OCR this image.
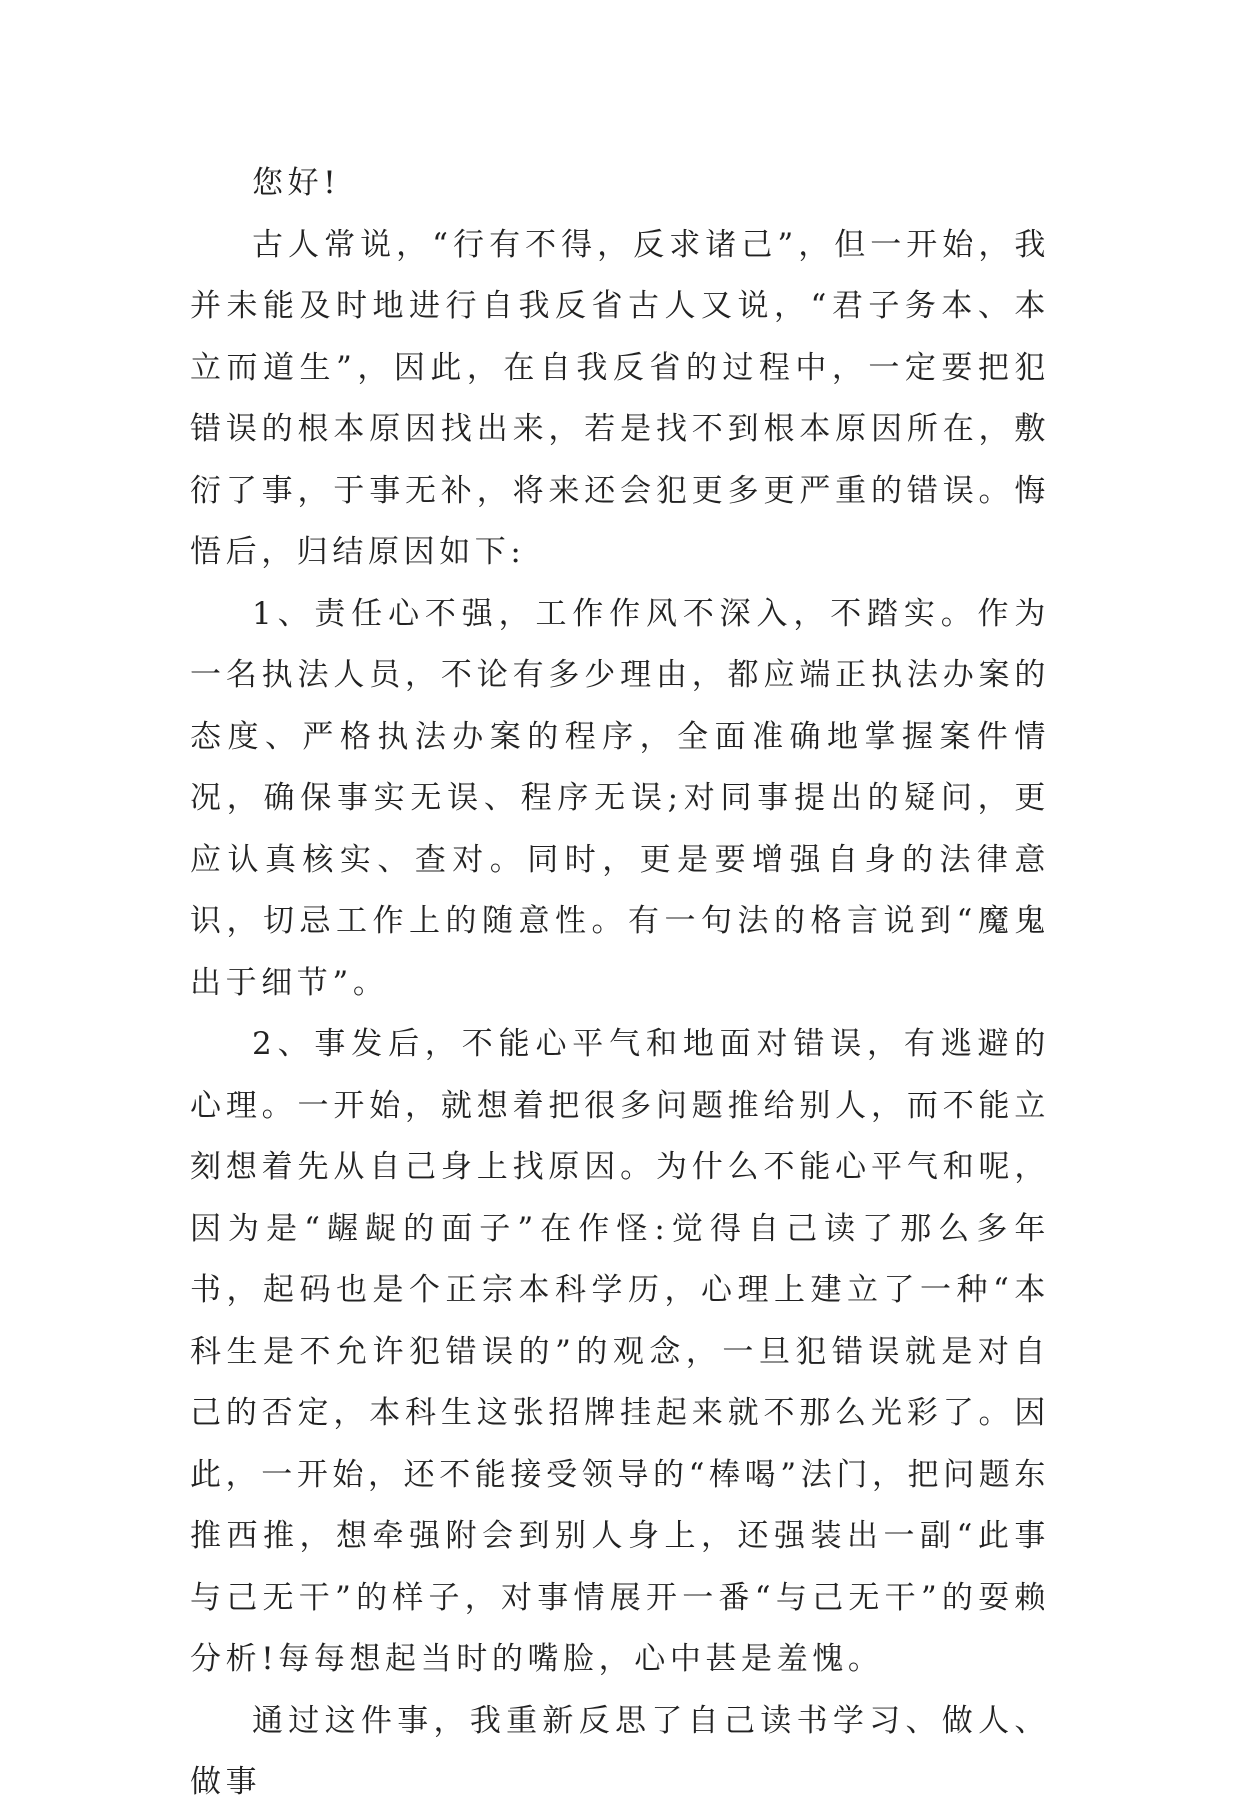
您好!

古人常说，“行有不得，反求诸己”，但一开始，我并未能及时地进行自我反省古人又说，“君子务本、本立而道生”，因此，在自我反省的过程中，一定要把犯错误的根本原因找出来，若是找不到根本原因所在，敷衍了事，于事无补，将来还会犯更多更严重的错误。悔悟后，归结原因如下:

1、责任心不强，工作作风不深入，不踏实。作为一名执法人员，不论有多少理由，都应端正执法办案的态度、严格执法办案的程序，全面准确地掌握案件情况，确保事实无误、程序无误;对同事提出的疑问，更应认真核实、查对。同时，更是要增强自身的法律意识，切忌工作上的随意性。有一句法的格言说到“魔鬼出于细节”。

2、事发后，不能心平气和地面对错误，有逃避的心理。一开始，就想着把很多问题推给别人，而不能立刻想着先从自己身上找原因。为什么不能心平气和呢，因为是“龌龊的面子”在作怪:觉得自己读了那么多年书，起码也是个正宗本科学历，心理上建立了一种“本科生是不允许犯错误的”的观念，一旦犯错误就是对自己的否定，本科生这张招牌挂起来就不那么光彩了。因此，一开始，还不能接受领导的“棒喝”法门，把问题东推西推，想牵强附会到别人身上，还强装出一副“此事与己无干”的样子，对事情展开一番“与己无干”的耍赖分析!每每想起当时的嘴脸，心中甚是羞愧。

通过这件事，我重新反思了自己读书学习、做人、做事
